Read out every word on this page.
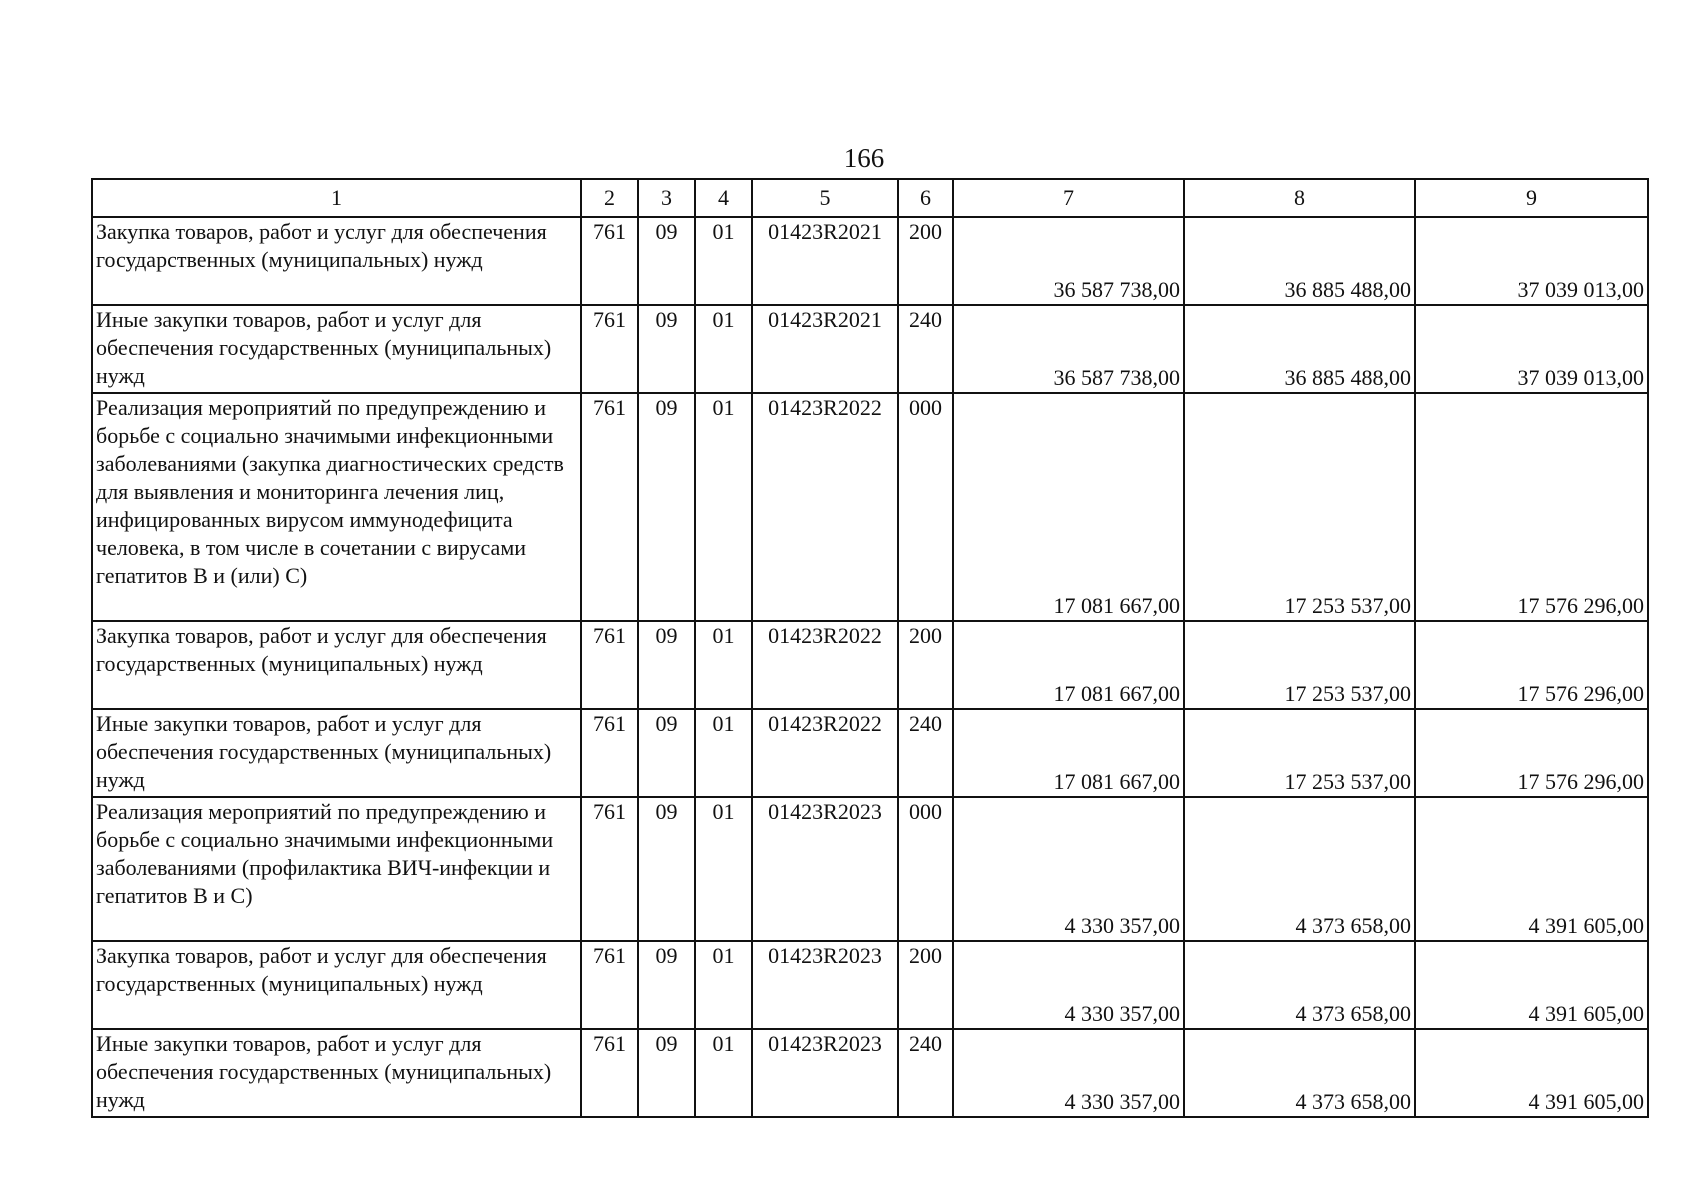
166
1	2	3	4	5	6	7	8	9
Закупка товаров, работ и услуг для обеспечения государственных (муниципальных) нужд	761	09	01	01423R2021	200	36 587 738,00	36 885 488,00	37 039 013,00
Иные закупки товаров, работ и услуг для обеспечения государственных (муниципальных) нужд	761	09	01	01423R2021	240	36 587 738,00	36 885 488,00	37 039 013,00
Реализация мероприятий по предупреждению и борьбе с социально значимыми инфекционными заболеваниями (закупка диагностических средств для выявления и мониторинга лечения лиц, инфицированных вирусом иммунодефицита человека, в том числе в сочетании с вирусами гепатитов B и (или) C)	761	09	01	01423R2022	000	17 081 667,00	17 253 537,00	17 576 296,00
Закупка товаров, работ и услуг для обеспечения государственных (муниципальных) нужд	761	09	01	01423R2022	200	17 081 667,00	17 253 537,00	17 576 296,00
Иные закупки товаров, работ и услуг для обеспечения государственных (муниципальных) нужд	761	09	01	01423R2022	240	17 081 667,00	17 253 537,00	17 576 296,00
Реализация мероприятий по предупреждению и борьбе с социально значимыми инфекционными заболеваниями (профилактика ВИЧ-инфекции и гепатитов B и C)	761	09	01	01423R2023	000	4 330 357,00	4 373 658,00	4 391 605,00
Закупка товаров, работ и услуг для обеспечения государственных (муниципальных) нужд	761	09	01	01423R2023	200	4 330 357,00	4 373 658,00	4 391 605,00
Иные закупки товаров, работ и услуг для обеспечения государственных (муниципальных) нужд	761	09	01	01423R2023	240	4 330 357,00	4 373 658,00	4 391 605,00
